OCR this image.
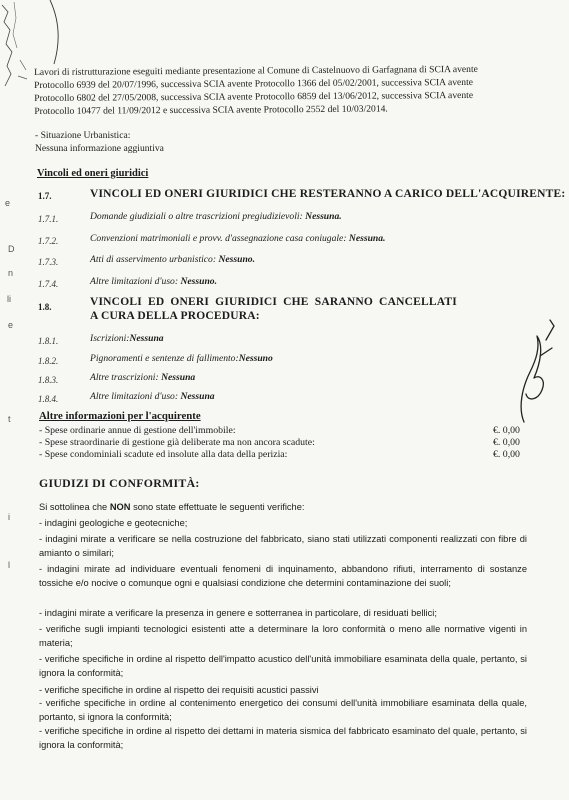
e
D
n
li
e
t
i
l
Lavori di ristrutturazione eseguiti mediante presentazione al Comune di Castelnuovo di Garfagnana di SCIA avente
Protocollo 6939 del 20/07/1996, successiva SCIA avente Protocollo 1366 del 05/02/2001, successiva SCIA avente
Protocollo 6802 del 27/05/2008, successiva SCIA avente Protocollo 6859 del 13/06/2012, successiva SCIA avente
Protocollo 10477 del 11/09/2012 e successiva SCIA avente Protocollo 2552 del 10/03/2014.
- Situazione Urbanistica:
Nessuna informazione aggiuntiva
Vincoli ed oneri giuridici
1.7.	VINCOLI ED ONERI GIURIDICI CHE RESTERANNO A CARICO DELL'ACQUIRENTE:
1.7.1.	Domande giudiziali o altre trascrizioni pregiudizievoli: Nessuna.
1.7.2.	Convenzioni matrimoniali e provv. d'assegnazione casa coniugale: Nessuna.
1.7.3.	Atti di asservimento urbanistico: Nessuno.
1.7.4.	Altre limitazioni d'uso: Nessuno.
1.8.	VINCOLI ED ONERI GIURIDICI CHE SARANNO CANCELLATI
A CURA DELLA PROCEDURA:
1.8.1.	Iscrizioni:Nessuna
1.8.2.	Pignoramenti e sentenze di fallimento:Nessuno
1.8.3.	Altre trascrizioni: Nessuna
1.8.4.	Altre limitazioni d'uso: Nessuna
Altre informazioni per l'acquirente
- Spese ordinarie annue di gestione dell'immobile:	€. 0,00
- Spese straordinarie di gestione già deliberate ma non ancora scadute:	€. 0,00
- Spese condominiali scadute ed insolute alla data della perizia:	€. 0,00
GIUDIZI DI CONFORMITÀ:
Si sottolinea che NON sono state effettuate le seguenti verifiche:
- indagini geologiche e geotecniche;
- indagini mirate a verificare se nella costruzione del fabbricato, siano stati utilizzati componenti realizzati con fibre di amianto o similari;
- indagini mirate ad individuare eventuali fenomeni di inquinamento, abbandono rifiuti, interramento di sostanze tossiche e/o nocive o comunque ogni e qualsiasi condizione che determini contaminazione dei suoli;
- indagini mirate a verificare la presenza in genere e sotterranea in particolare, di residuati bellici;
- verifiche sugli impianti tecnologici esistenti atte a determinare la loro conformità o meno alle normative vigenti in materia;
- verifiche specifiche in ordine al rispetto dell'impatto acustico dell'unità immobiliare esaminata della quale, pertanto, si ignora la conformità;
- verifiche specifiche in ordine al rispetto dei requisiti acustici passivi
- verifiche specifiche in ordine al contenimento energetico dei consumi dell'unità immobiliare esaminata della quale, portanto, si ignora la conformità;
- verifiche specifiche in ordine al rispetto dei dettami in materia sismica del fabbricato esaminato del quale, pertanto, si ignora la conformità;
